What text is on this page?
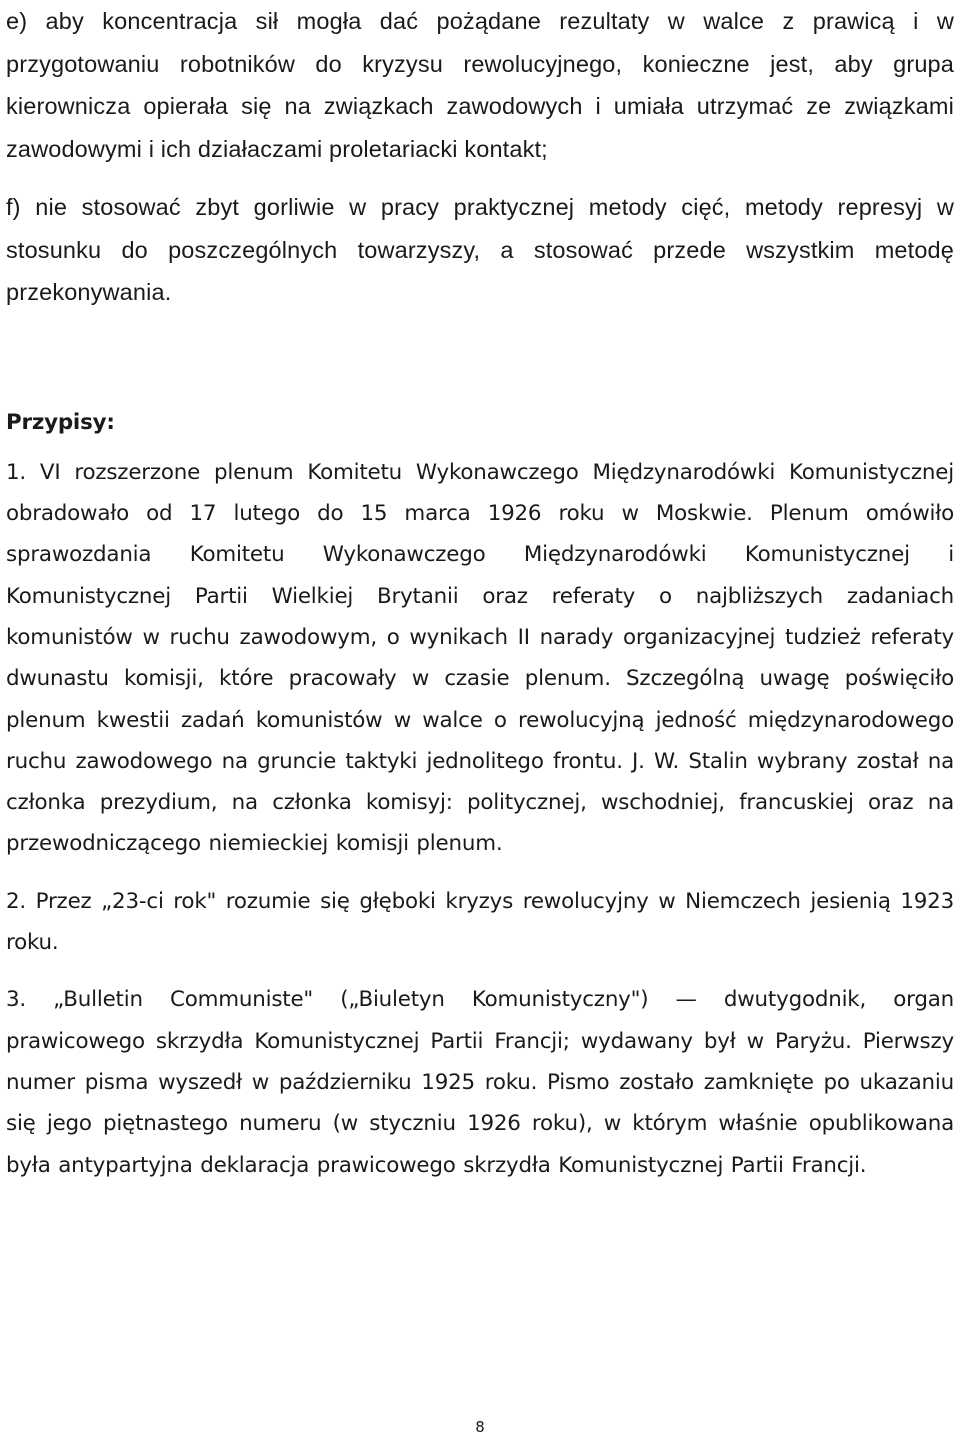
e) aby koncentracja sił mogła dać pożądane rezultaty w walce z prawicą i w przygotowaniu robotników do kryzysu rewolucyjnego, konieczne jest, aby grupa kierownicza opierała się na związkach zawodowych i umiała utrzymać ze związkami zawodowymi i ich działaczami proletariacki kontakt;

f) nie stosować zbyt gorliwie w pracy praktycznej metody cięć, metody represyj w stosunku do poszczególnych towarzyszy, a stosować przede wszystkim metodę przekonywania.

Przypisy:

1. VI rozszerzone plenum Komitetu Wykonawczego Międzynarodówki Komunistycznej obradowało od 17 lutego do 15 marca 1926 roku w Moskwie. Plenum omówiło sprawozdania Komitetu Wykonawczego Międzynarodówki Komunistycznej i Komunistycznej Partii Wielkiej Brytanii oraz referaty o najbliższych zadaniach komunistów w ruchu zawodowym, o wynikach II narady organizacyjnej tudzież referaty dwunastu komisji, które pracowały w czasie plenum. Szczególną uwagę poświęciło plenum kwestii zadań komunistów w walce o rewolucyjną jedność międzynarodowego ruchu zawodowego na gruncie taktyki jednolitego frontu. J. W. Stalin wybrany został na członka prezydium, na członka komisyj: politycznej, wschodniej, francuskiej oraz na przewodniczącego niemieckiej komisji plenum.

2. Przez „23-ci rok" rozumie się głęboki kryzys rewolucyjny w Niemczech jesienią 1923 roku.

3. „Bulletin Communiste" („Biuletyn Komunistyczny") — dwutygodnik, organ prawicowego skrzydła Komunistycznej Partii Francji; wydawany był w Paryżu. Pierwszy numer pisma wyszedł w październiku 1925 roku. Pismo zostało zamknięte po ukazaniu się jego piętnastego numeru (w styczniu 1926 roku), w którym właśnie opublikowana była antypartyjna deklaracja prawicowego skrzydła Komunistycznej Partii Francji.

8
